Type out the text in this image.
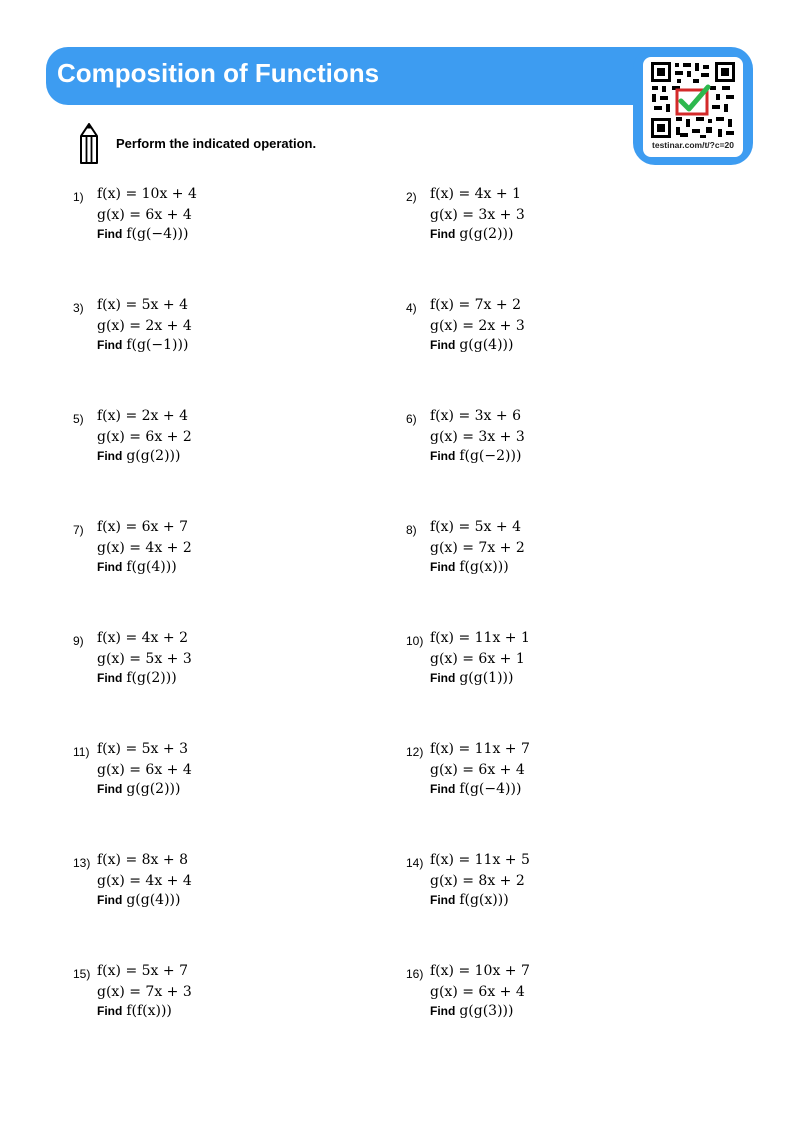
Composition of Functions
testinar.com/t/?c=20
Perform the indicated operation.
1) f(x) = 10x + 4
g(x) = 6x + 4
Find f(g(−4)))
2) f(x) = 4x + 1
g(x) = 3x + 3
Find g(g(2)))
3) f(x) = 5x + 4
g(x) = 2x + 4
Find f(g(−1)))
4) f(x) = 7x + 2
g(x) = 2x + 3
Find g(g(4)))
5) f(x) = 2x + 4
g(x) = 6x + 2
Find g(g(2)))
6) f(x) = 3x + 6
g(x) = 3x + 3
Find f(g(−2)))
7) f(x) = 6x + 7
g(x) = 4x + 2
Find f(g(4)))
8) f(x) = 5x + 4
g(x) = 7x + 2
Find f(g(x)))
9) f(x) = 4x + 2
g(x) = 5x + 3
Find f(g(2)))
10) f(x) = 11x + 1
g(x) = 6x + 1
Find g(g(1)))
11) f(x) = 5x + 3
g(x) = 6x + 4
Find g(g(2)))
12) f(x) = 11x + 7
g(x) = 6x + 4
Find f(g(−4)))
13) f(x) = 8x + 8
g(x) = 4x + 4
Find g(g(4)))
14) f(x) = 11x + 5
g(x) = 8x + 2
Find f(g(x)))
15) f(x) = 5x + 7
g(x) = 7x + 3
Find f(f(x)))
16) f(x) = 10x + 7
g(x) = 6x + 4
Find g(g(3)))
